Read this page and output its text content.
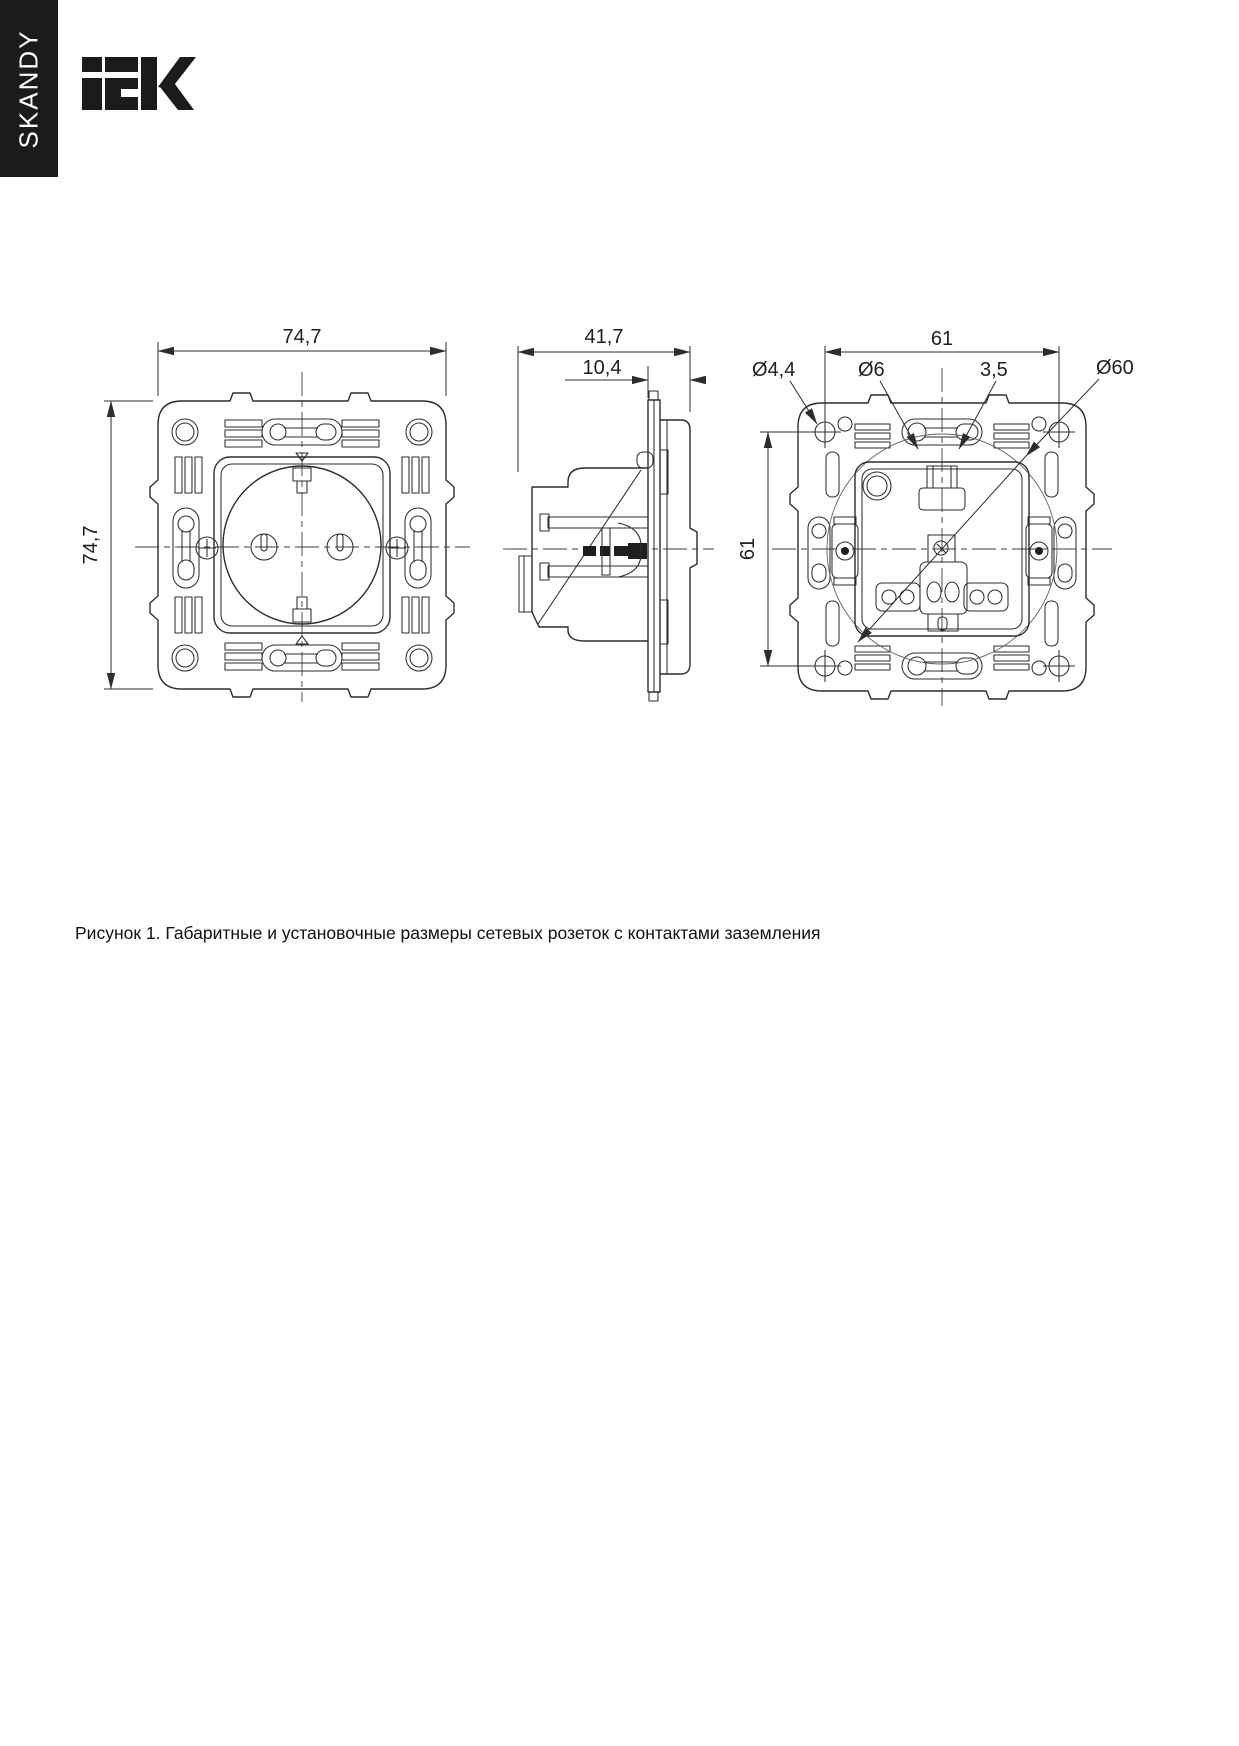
SKANDY
74,7
74,7
41,7
10,4
61
61
Ø4,4	Ø6	3,5	Ø60
Рисунок 1. Габаритные и установочные размеры сетевых розеток с контактами заземления
